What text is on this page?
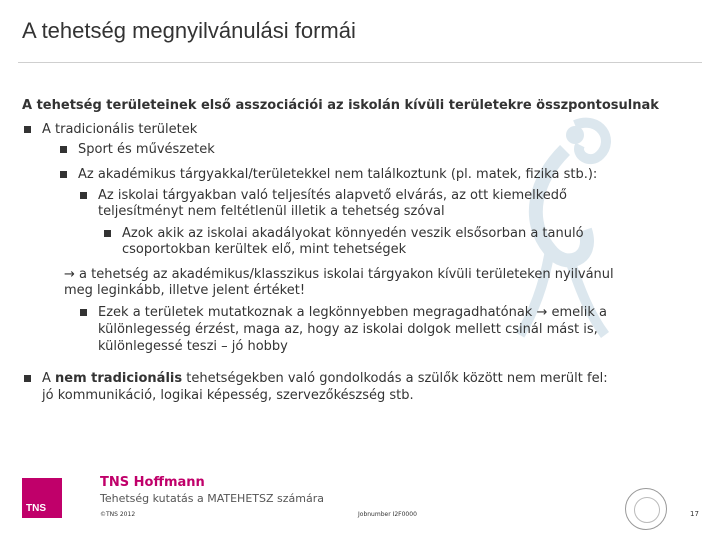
A tehetség megnyilvánulási formái
A tehetség területeinek első asszociációi az iskolán kívüli területekre összpontosulnak
A tradicionális területek
Sport és művészetek
Az akadémikus tárgyakkal/területekkel nem találkoztunk (pl. matek, fizika stb.):
Az iskolai tárgyakban való teljesítés alapvető elvárás, az ott kiemelkedő
teljesítményt nem feltétlenül illetik a tehetség szóval
Azok akik az iskolai akadályokat könnyedén veszik elsősorban a tanuló
csoportokban kerültek elő, mint tehetségek
→ a tehetség az akadémikus/klasszikus iskolai tárgyakon kívüli területeken nyilvánul
meg leginkább, illetve jelent értéket!
Ezek a területek mutatkoznak a legkönnyebben megragadhatónak → emelik a
különlegesség érzést, maga az, hogy az iskolai dolgok mellett csinál mást is,
különlegessé teszi – jó hobby
A nem tradicionális tehetségekben való gondolkodás a szülők között nem merült fel:
jó kommunikáció, logikai képesség, szervezőkészség stb.
TNS
TNS Hoffmann
Tehetség kutatás a MATEHETSZ számára
©TNS 2012	Jobnumber I2F0000	17
